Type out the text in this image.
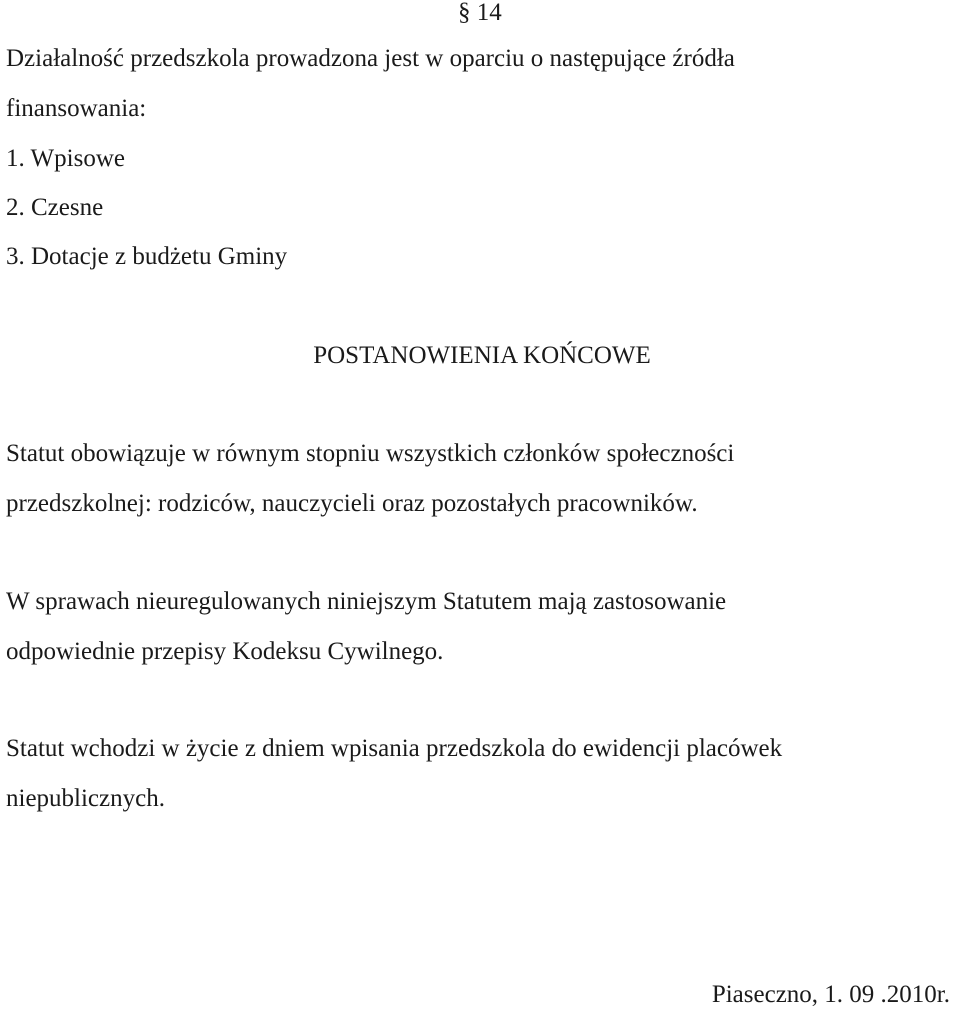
§ 14
Działalność przedszkola prowadzona jest w oparciu o następujące źródła
finansowania:
1. Wpisowe
2. Czesne
3. Dotacje z budżetu Gminy
POSTANOWIENIA KOŃCOWE
Statut obowiązuje w równym stopniu wszystkich członków społeczności
przedszkolnej: rodziców, nauczycieli oraz pozostałych pracowników.
W sprawach nieuregulowanych niniejszym Statutem mają zastosowanie
odpowiednie przepisy Kodeksu Cywilnego.
Statut wchodzi w życie z dniem wpisania przedszkola do ewidencji placówek
niepublicznych.
Piaseczno, 1. 09 .2010r.
